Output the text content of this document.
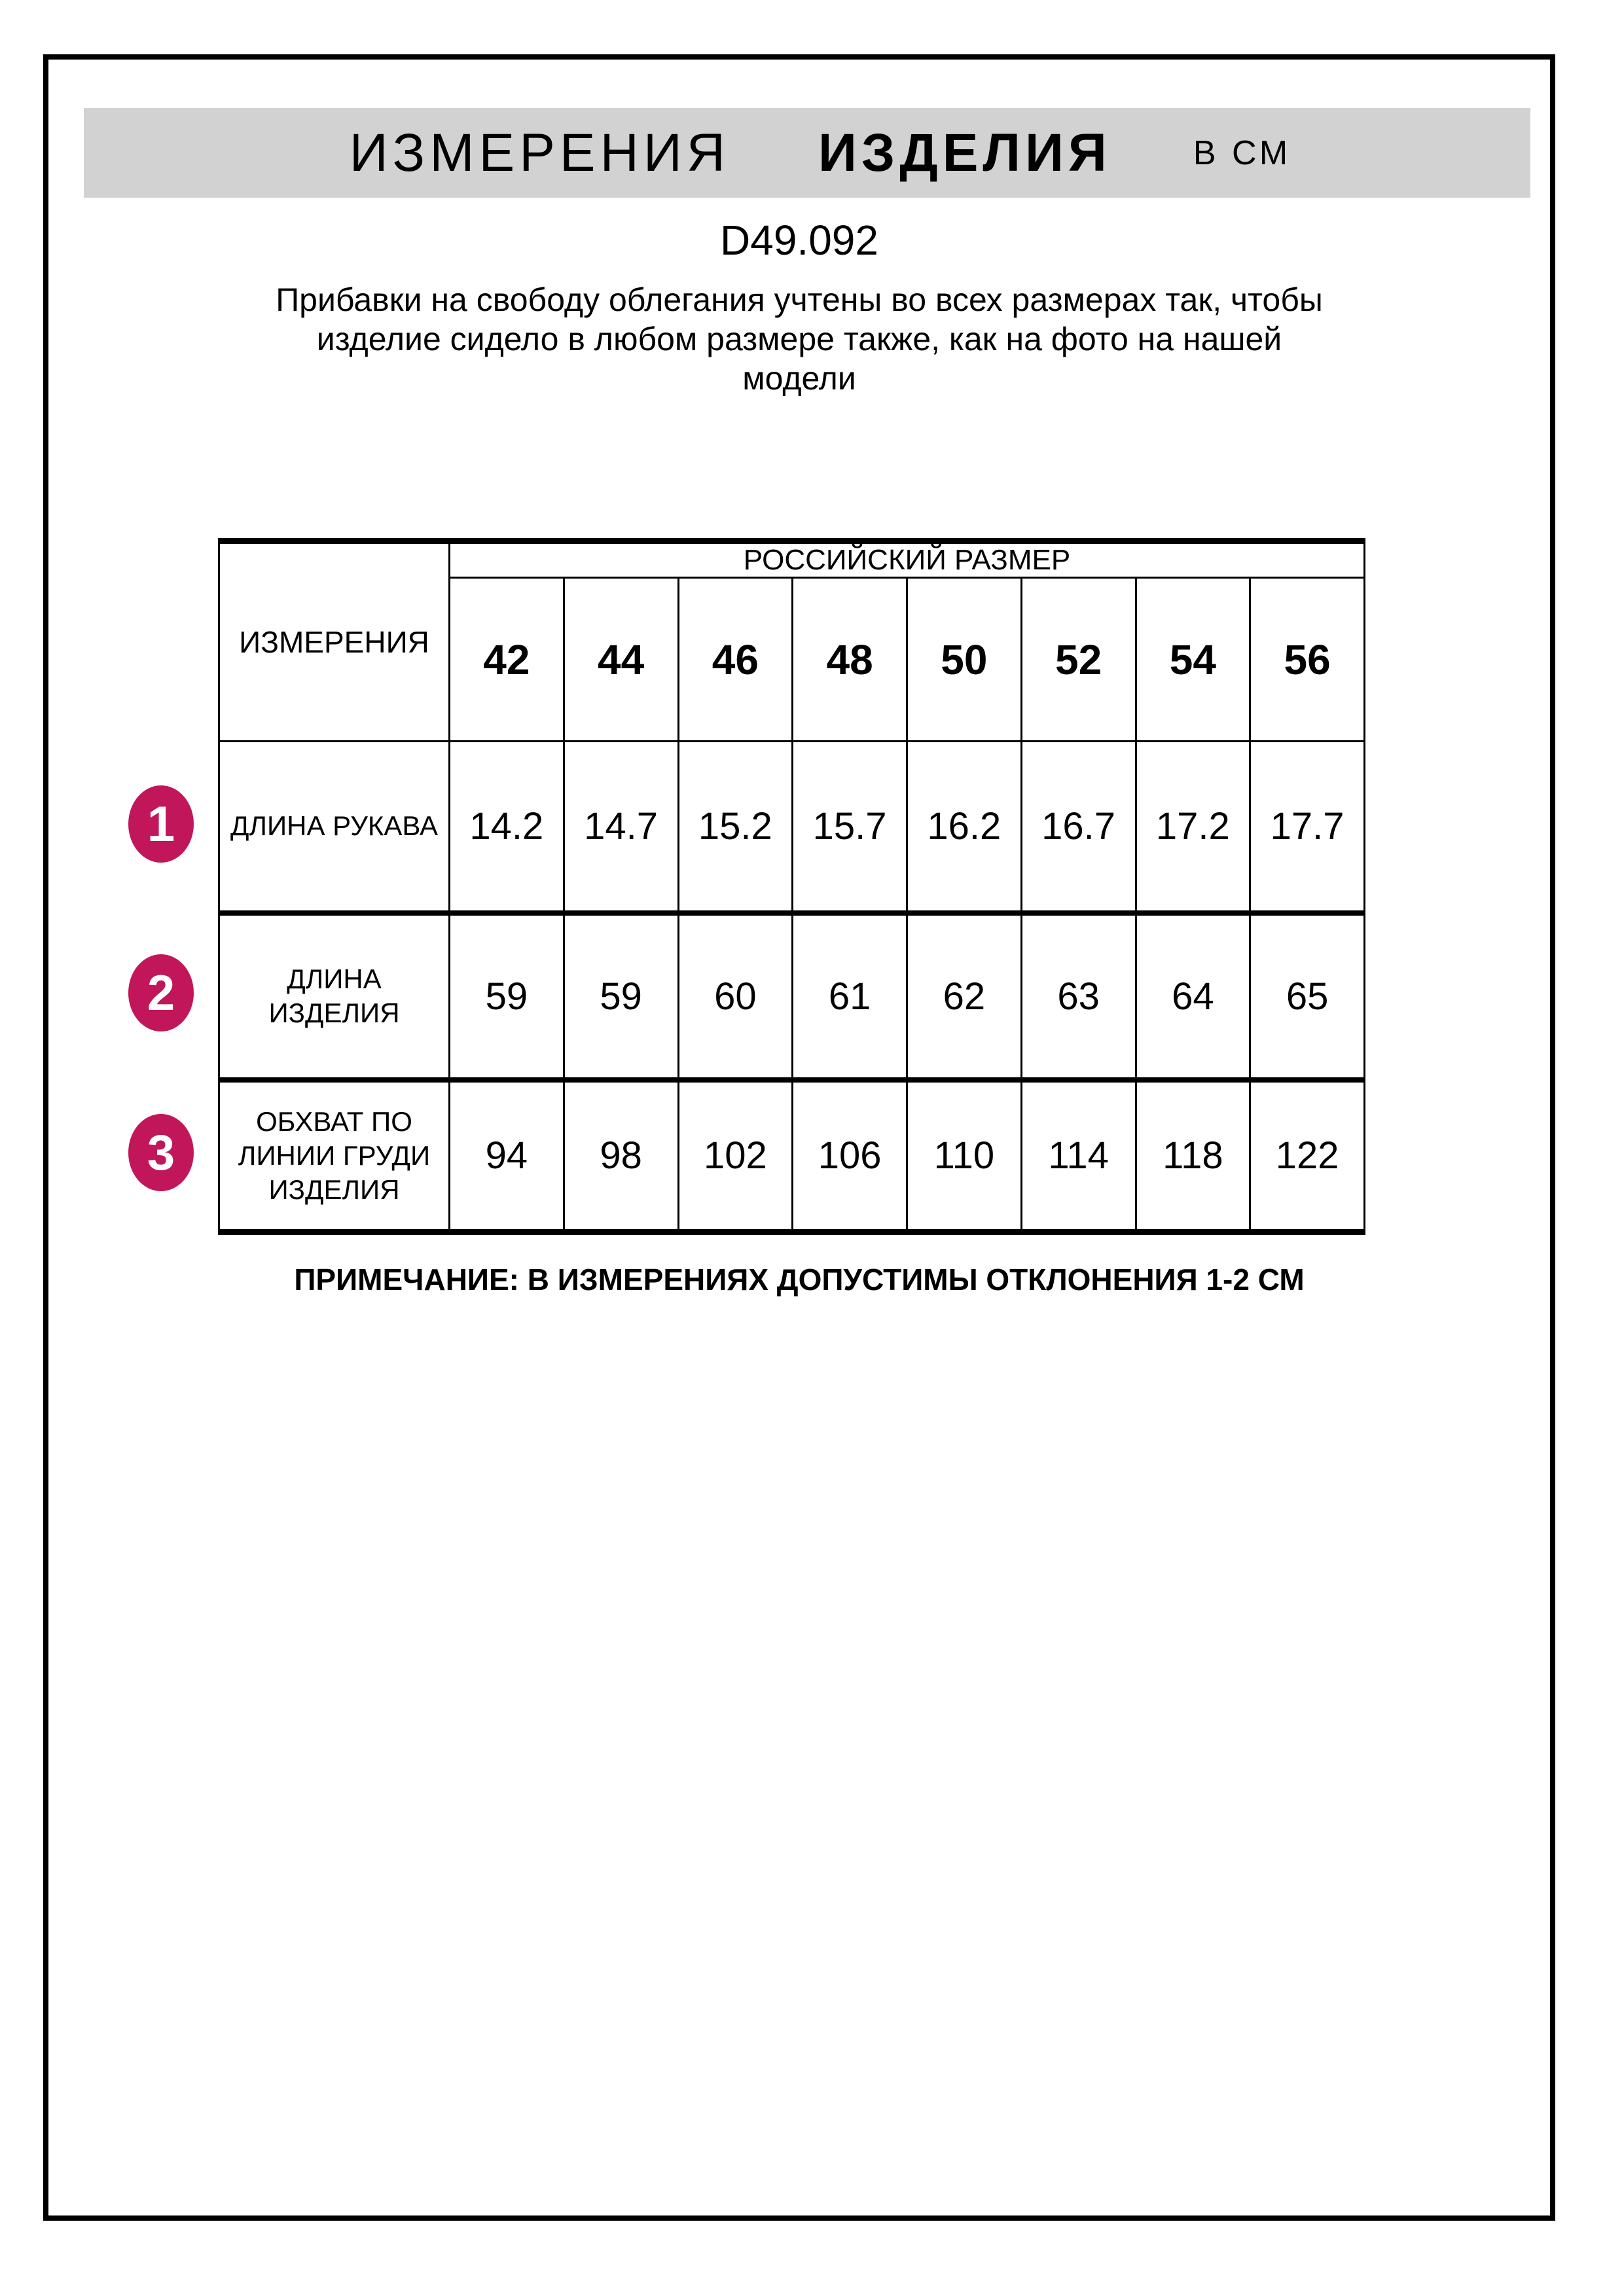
ИЗМЕРЕНИЯ ИЗДЕЛИЯ В СМ
D49.092
Прибавки на свободу облегания учтены во всех размерах так, чтобы
изделие сидело в любом размере также, как на фото на нашей
модели
ИЗМЕРЕНИЯ	РОССИЙСКИЙ РАЗМЕР							
	42	44	46	48	50	52	54	56

ДЛИНА РУКАВА	14.2	14.7	15.2	15.7	16.2	16.7	17.2	17.7

ДЛИНА
ИЗДЕЛИЯ	59	59	60	61	62	63	64	65

ОБХВАТ ПО
ЛИНИИ ГРУДИ
ИЗДЕЛИЯ	94	98	102	106	110	114	118	122
1
2
3
ПРИМЕЧАНИЕ: В ИЗМЕРЕНИЯХ ДОПУСТИМЫ ОТКЛОНЕНИЯ 1-2 СМ
